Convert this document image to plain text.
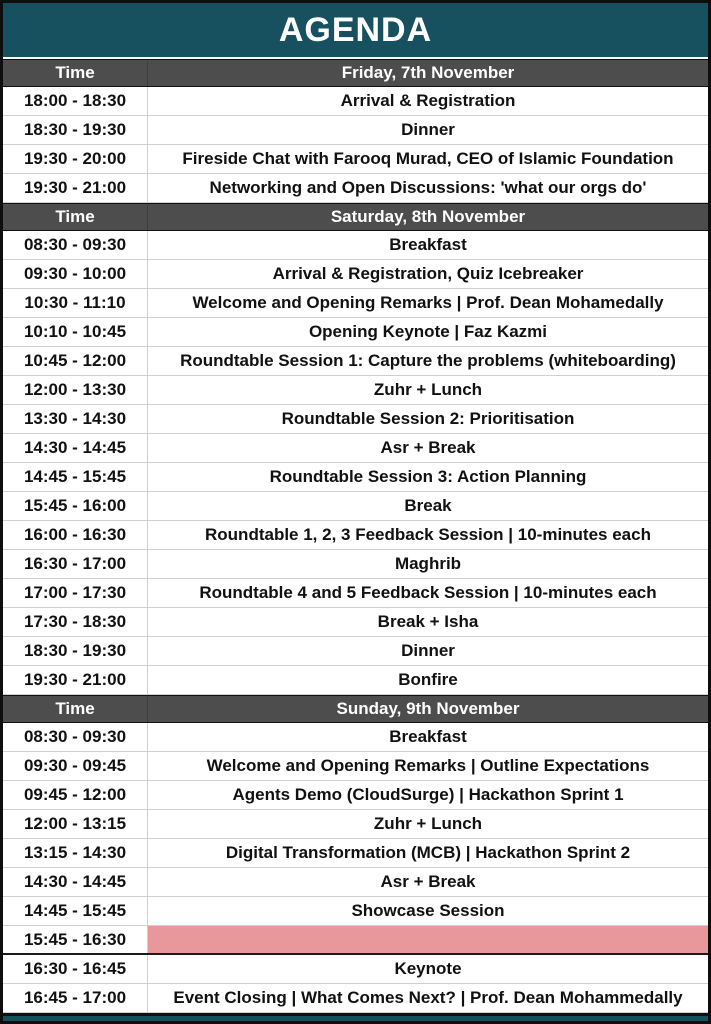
AGENDA
Time	Friday, 7th November
18:00 - 18:30	Arrival & Registration
18:30 - 19:30	Dinner
19:30 - 20:00	Fireside Chat with Farooq Murad, CEO of Islamic Foundation
19:30 - 21:00	Networking and Open Discussions: 'what our orgs do'
Time	Saturday, 8th November
08:30 - 09:30	Breakfast
09:30 - 10:00	Arrival & Registration, Quiz Icebreaker
10:30 - 11:10	Welcome and Opening Remarks | Prof. Dean Mohamedally
10:10 - 10:45	Opening Keynote | Faz Kazmi
10:45 - 12:00	Roundtable Session 1: Capture the problems (whiteboarding)
12:00 - 13:30	Zuhr + Lunch
13:30 - 14:30	Roundtable Session 2: Prioritisation
14:30 - 14:45	Asr + Break
14:45 - 15:45	Roundtable Session 3: Action Planning
15:45 - 16:00	Break
16:00 - 16:30	Roundtable 1, 2, 3 Feedback Session | 10-minutes each
16:30 - 17:00	Maghrib
17:00 - 17:30	Roundtable 4 and 5 Feedback Session | 10-minutes each
17:30 - 18:30	Break + Isha
18:30 - 19:30	Dinner
19:30 - 21:00	Bonfire
Time	Sunday, 9th November
08:30 - 09:30	Breakfast
09:30 - 09:45	Welcome and Opening Remarks | Outline Expectations
09:45 - 12:00	Agents Demo (CloudSurge) | Hackathon Sprint 1
12:00 - 13:15	Zuhr + Lunch
13:15 - 14:30	Digital Transformation (MCB) | Hackathon Sprint 2
14:30 - 14:45	Asr + Break
14:45 - 15:45	Showcase Session
15:45 - 16:30
16:30 - 16:45	Keynote
16:45 - 17:00	Event Closing | What Comes Next? | Prof. Dean Mohammedally
